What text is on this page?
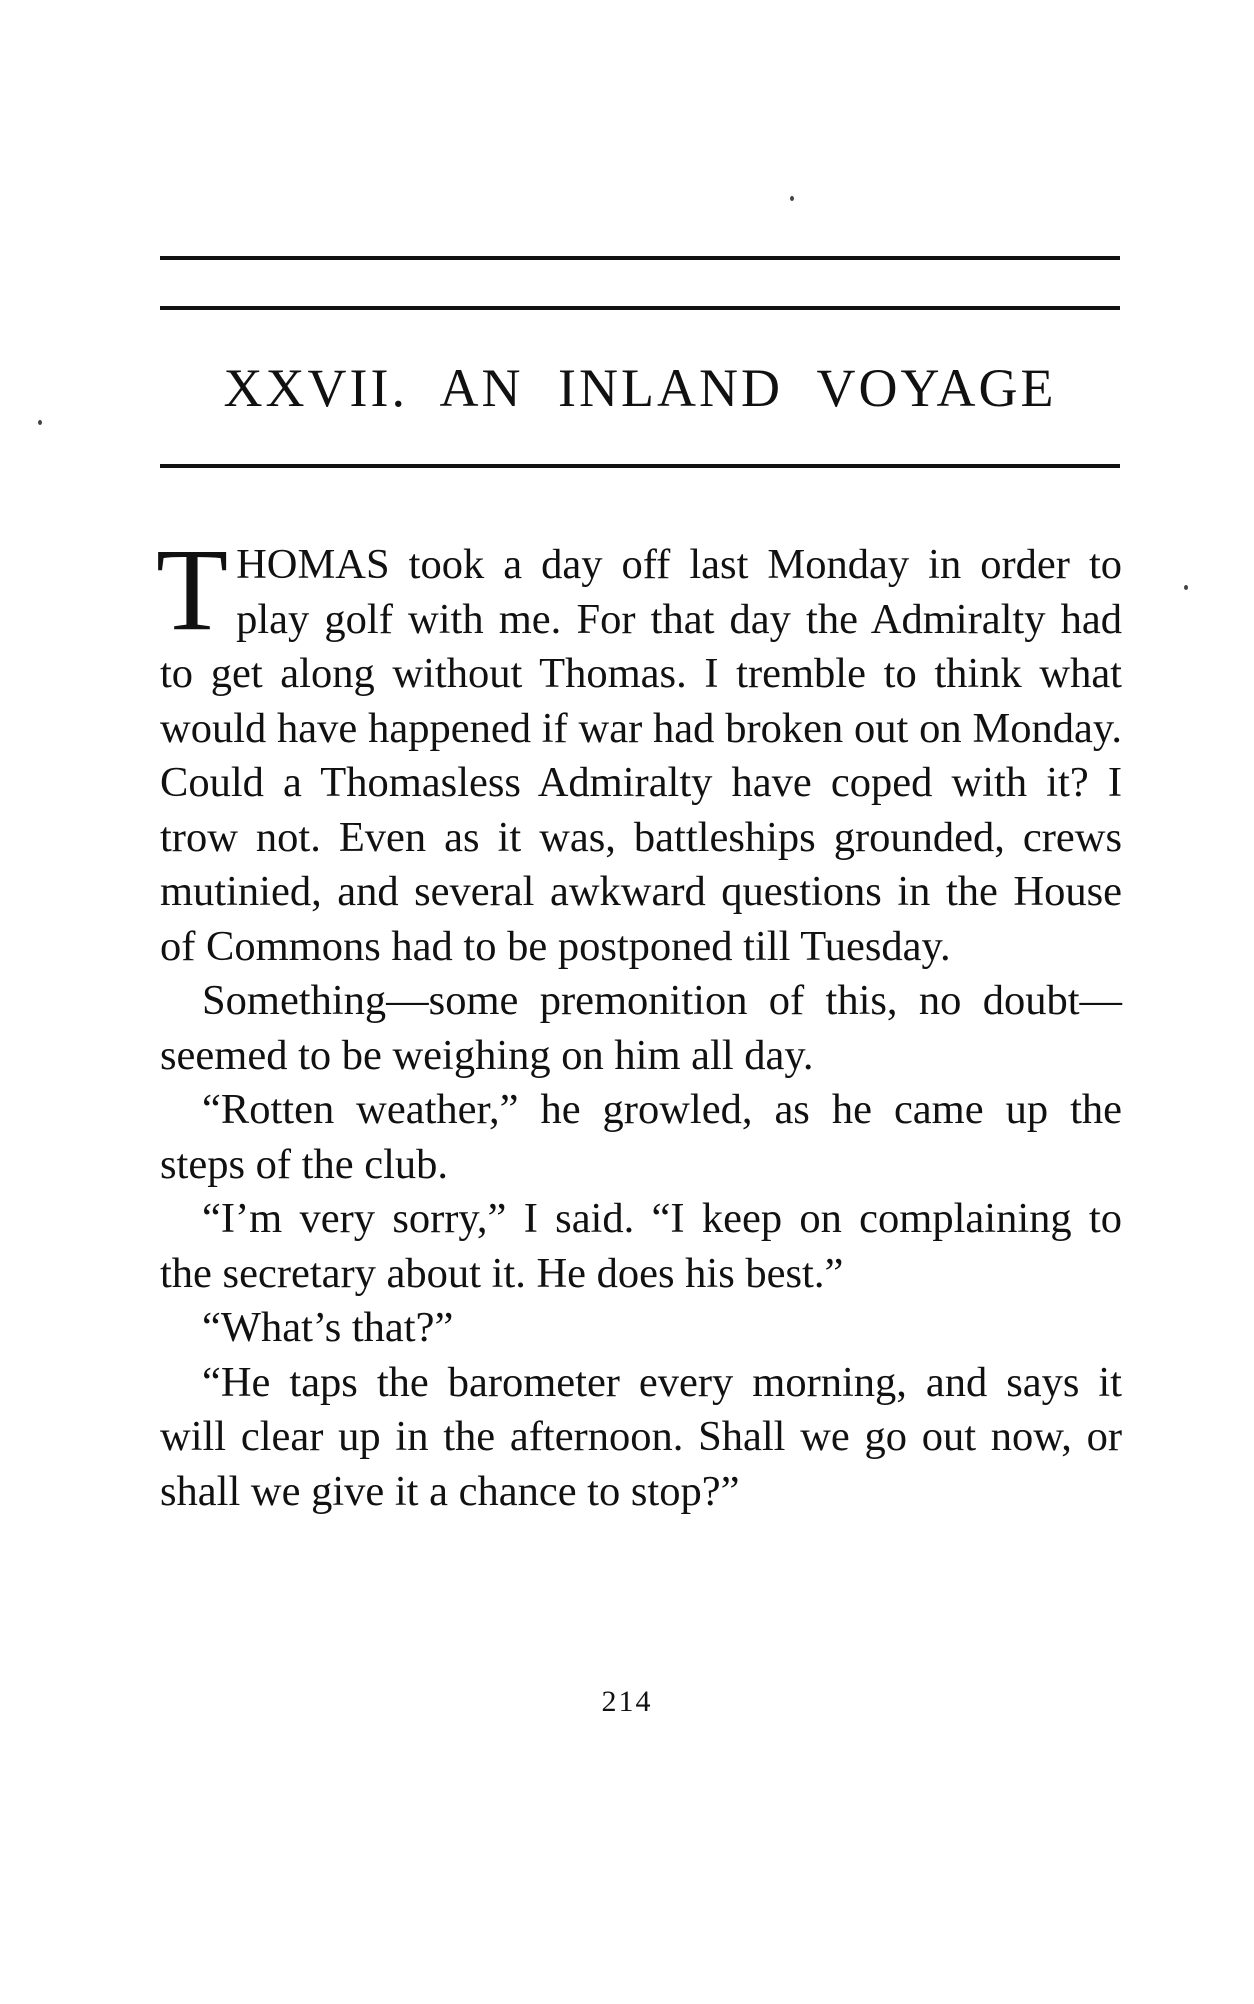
XXVII. AN INLAND VOYAGE

THOMAS took a day off last Monday in order to play golf with me. For that day the Admiralty had to get along without Thomas. I tremble to think what would have happened if war had broken out on Monday. Could a Thomasless Admiralty have coped with it? I trow not. Even as it was, battleships grounded, crews mutinied, and several awkward questions in the House of Commons had to be postponed till Tuesday.

Something—some premonition of this, no doubt—seemed to be weighing on him all day.

“Rotten weather,” he growled, as he came up the steps of the club.

“I’m very sorry,” I said. “I keep on complaining to the secretary about it. He does his best.”

“What’s that?”

“He taps the barometer every morning, and says it will clear up in the afternoon. Shall we go out now, or shall we give it a chance to stop?”

214
